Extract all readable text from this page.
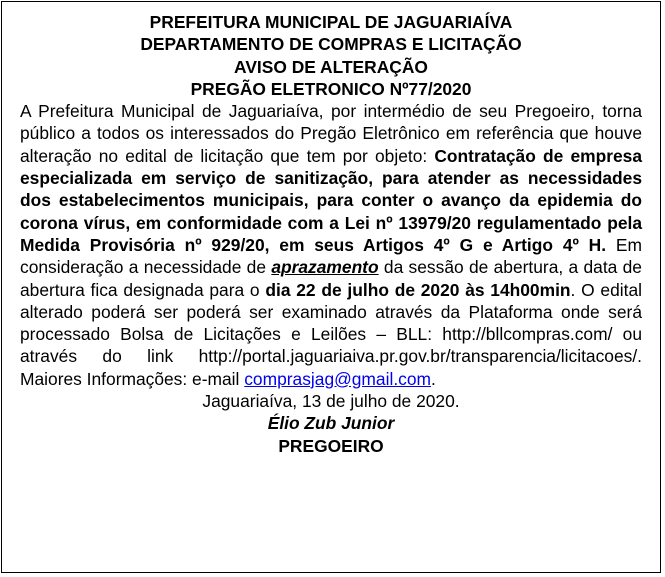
PREFEITURA MUNICIPAL DE JAGUARIAÍVA
DEPARTAMENTO DE COMPRAS E LICITAÇÃO
AVISO DE ALTERAÇÃO
PREGÃO ELETRONICO Nº77/2020

A Prefeitura Municipal de Jaguariaíva, por intermédio de seu Pregoeiro, torna público a todos os interessados do Pregão Eletrônico em referência que houve alteração no edital de licitação que tem por objeto: Contratação de empresa especializada em serviço de sanitização, para atender as necessidades dos estabelecimentos municipais, para conter o avanço da epidemia do corona vírus, em conformidade com a Lei nº 13979/20 regulamentado pela Medida Provisória nº 929/20, em seus Artigos 4º G e Artigo 4º H. Em consideração a necessidade de aprazamento da sessão de abertura, a data de abertura fica designada para o dia 22 de julho de 2020 às 14h00min. O edital alterado poderá ser poderá ser examinado através da Plataforma onde será processado Bolsa de Licitações e Leilões – BLL: http://bllcompras.com/ ou através do link http://portal.jaguariaiva.pr.gov.br/transparencia/licitacoes/. Maiores Informações: e-mail comprasjag@gmail.com.

Jaguariaíva, 13 de julho de 2020.

Élio Zub Junior

PREGOEIRO
